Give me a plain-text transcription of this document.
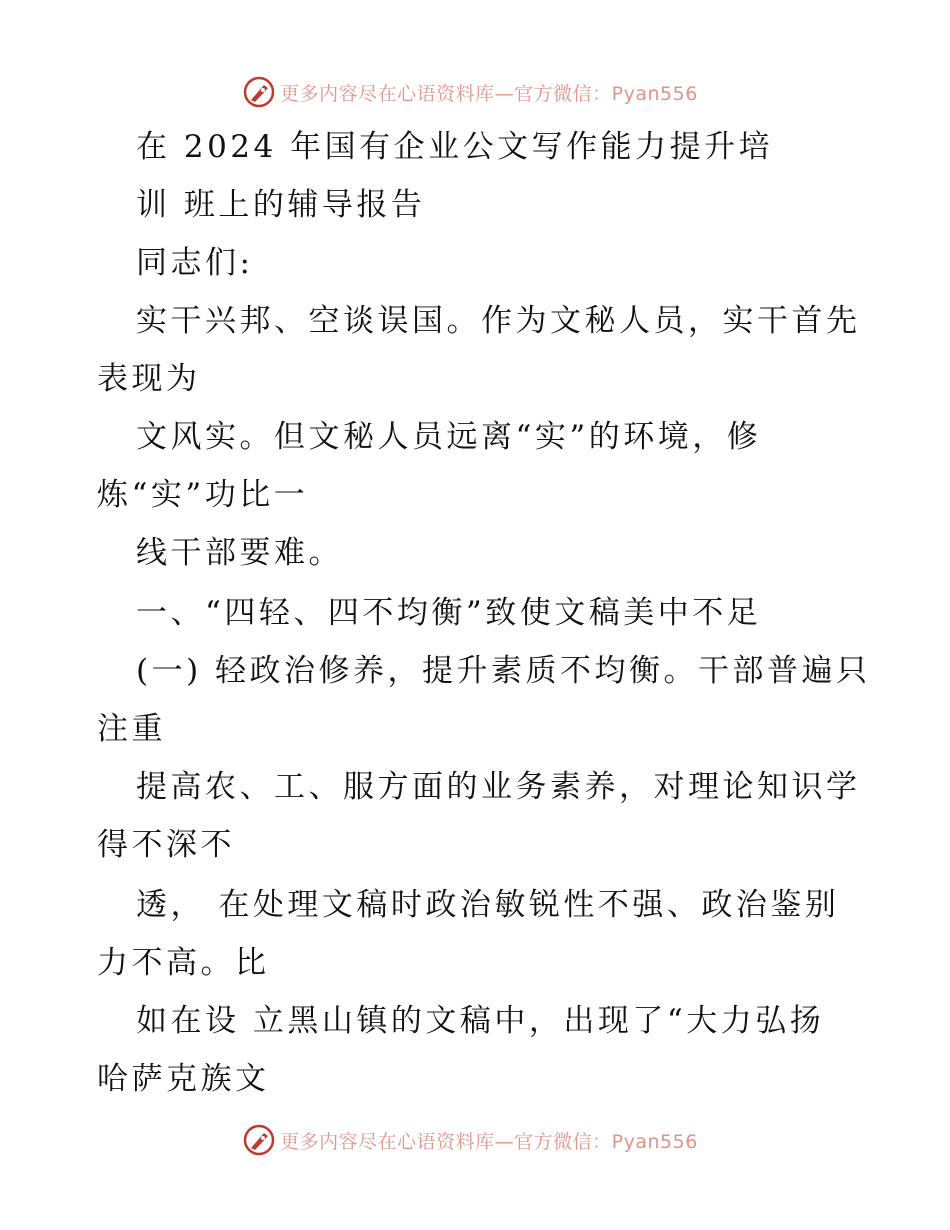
更多内容尽在心语资料库—官方微信：Pyan556
在 2024 年国有企业公文写作能力提升培
训 班上的辅导报告
同志们:
实干兴邦、空谈误国。作为文秘人员，实干首先
表现为
文风实。但文秘人员远离“实”的环境，修
炼“实”功比一
线干部要难。
一、“四轻、四不均衡”致使文稿美中不足
(一) 轻政治修养，提升素质不均衡。干部普遍只
注重
提高农、工、服方面的业务素养，对理论知识学
得不深不
透， 在处理文稿时政治敏锐性不强、政治鉴别
力不高。比
如在设 立黑山镇的文稿中，出现了“大力弘扬
哈萨克族文
更多内容尽在心语资料库—官方微信：Pyan556
